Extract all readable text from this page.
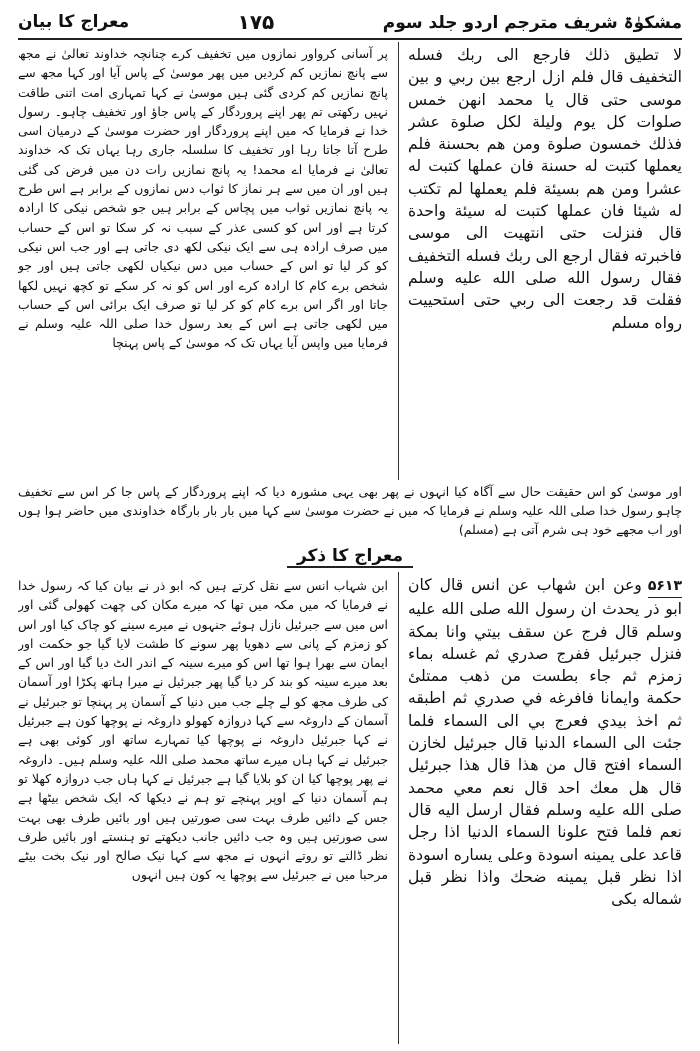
مشکوٰۃ شریف مترجم اردو جلد سوم
۱۷۵
معراج کا بیان

لا تطيق ذلك فارجع الى ربك فسله التخفيف قال فلم ازل ارجع بين ربي و بين موسى حتى قال يا محمد انهن خمس صلوات كل يوم وليلة لكل صلوة عشر فذلك خمسون صلوة ومن هم بحسنة فلم يعملها كتبت له حسنة فان عملها كتبت له عشرا ومن هم بسيئة فلم يعملها لم تكتب له شيئا فان عملها كتبت له سيئة واحدة قال فنزلت حتى انتهيت الى موسى فاخبرته فقال ارجع الى ربك فسله التخفيف فقال رسول الله صلى الله عليه وسلم فقلت قد رجعت الى ربي حتى استحييت رواه مسلم

پر آسانی کرواور نمازوں میں تخفیف کرے چنانچہ خداوند تعالیٰ نے مجھ سے پانچ نمازیں کم کردیں میں پھر موسیٰ کے پاس آیا اور کہا مجھ سے پانچ نمازیں کم کردی گئی ہیں موسیٰ نے کہا تمہاری امت اتنی طاقت نہیں رکھتی تم پھر اپنے پروردگار کے پاس جاؤ اور تخفیف چاہو۔ رسول خدا نے فرمایا کہ میں اپنے پروردگار اور حضرت موسیٰ کے درمیان اسی طرح آتا جاتا رہا اور تخفیف کا سلسلہ جاری رہا یہاں تک کہ خداوند تعالیٰ نے فرمایا اے محمد! یہ پانچ نمازیں رات دن میں فرض کی گئی ہیں اور ان میں سے ہر نماز کا ثواب دس نمازوں کے برابر ہے اس طرح یہ پانچ نمازیں ثواب میں پچاس کے برابر ہیں جو شخص نیکی کا ارادہ کرتا ہے اور اس کو کسی عذر کے سبب نہ کر سکا تو اس کے حساب میں صرف ارادہ ہی سے ایک نیکی لکھ دی جاتی ہے اور جب اس نیکی کو کر لیا تو اس کے حساب میں دس نیکیاں لکھی جاتی ہیں اور جو شخص برے کام کا ارادہ کرے اور اس کو نہ کر سکے تو کچھ نہیں لکھا جاتا اور اگر اس برے کام کو کر لیا تو صرف ایک برائی اس کے حساب میں لکھی جاتی ہے اس کے بعد رسول خدا صلی اللہ علیہ وسلم نے فرمایا میں واپس آیا یہاں تک کہ موسیٰ کے پاس پہنچا

اور موسیٰ کو اس حقیقت حال سے آگاہ کیا انہوں نے پھر بھی یہی مشورہ دیا کہ اپنے پروردگار کے پاس جا کر اس سے تخفیف چاہو رسول خدا صلی اللہ علیہ وسلم نے فرمایا کہ میں نے حضرت موسیٰ سے کہا میں بار بار بارگاہ خداوندی میں حاضر ہوا ہوں اور اب مجھے خود ہی شرم آتی ہے (مسلم)
معراج کا ذکر

۵۶۱۳وعن ابن شهاب عن انس قال كان ابو ذر يحدث ان رسول الله صلى الله عليه وسلم قال فرج عن سقف بيتي وانا بمكة فنزل جبرئيل ففرج صدري ثم غسله بماء زمزم ثم جاء بطست من ذهب ممتلئ حكمة وايمانا فافرغه في صدري ثم اطبقه ثم اخذ بيدي فعرج بي الى السماء فلما جئت الى السماء الدنيا قال جبرئيل لخازن السماء افتح قال من هذا قال هذا جبرئيل قال هل معك احد قال نعم معي محمد صلى الله عليه وسلم فقال ارسل اليه قال نعم فلما فتح علونا السماء الدنيا اذا رجل قاعد على يمينه اسودة وعلى يساره اسودة اذا نظر قبل يمينه ضحك واذا نظر قبل شماله بكى

ابن شہاب انس سے نقل کرتے ہیں کہ ابو ذر نے بیان کیا کہ رسول خدا نے فرمایا کہ میں مکہ میں تھا کہ میرے مکان کی چھت کھولی گئی اور اس میں سے جبرئیل نازل ہوئے جنہوں نے میرے سینے کو چاک کیا اور اس کو زمزم کے پانی سے دھویا پھر سونے کا طشت لایا گیا جو حکمت اور ایمان سے بھرا ہوا تھا اس کو میرے سینہ کے اندر الٹ دیا گیا اور اس کے بعد میرے سینہ کو بند کر دیا گیا پھر جبرئیل نے میرا ہاتھ پکڑا اور آسمان کی طرف مجھ کو لے چلے جب میں دنیا کے آسمان پر پہنچا تو جبرئیل نے آسمان کے داروغہ سے کہا دروازہ کھولو داروغہ نے پوچھا کون ہے جبرئیل نے کہا جبرئیل داروغہ نے پوچھا کیا تمہارے ساتھ اور کوئی بھی ہے جبرئیل نے کہا ہاں میرے ساتھ محمد صلی اللہ علیہ وسلم ہیں۔ داروغہ نے پھر پوچھا کیا ان کو بلایا گیا ہے جبرئیل نے کہا ہاں جب دروازہ کھلا تو ہم آسمان دنیا کے اوپر پہنچے تو ہم نے دیکھا کہ ایک شخص بیٹھا ہے جس کے دائیں طرف بہت سی صورتیں ہیں اور بائیں طرف بھی بہت سی صورتیں ہیں وہ جب دائیں جانب دیکھتے تو ہنستے اور بائیں طرف نظر ڈالتے تو روتے انہوں نے مجھ سے کہا نیک صالح اور نیک بخت بیٹے مرحبا میں نے جبرئیل سے پوچھا یہ کون ہیں انہوں
